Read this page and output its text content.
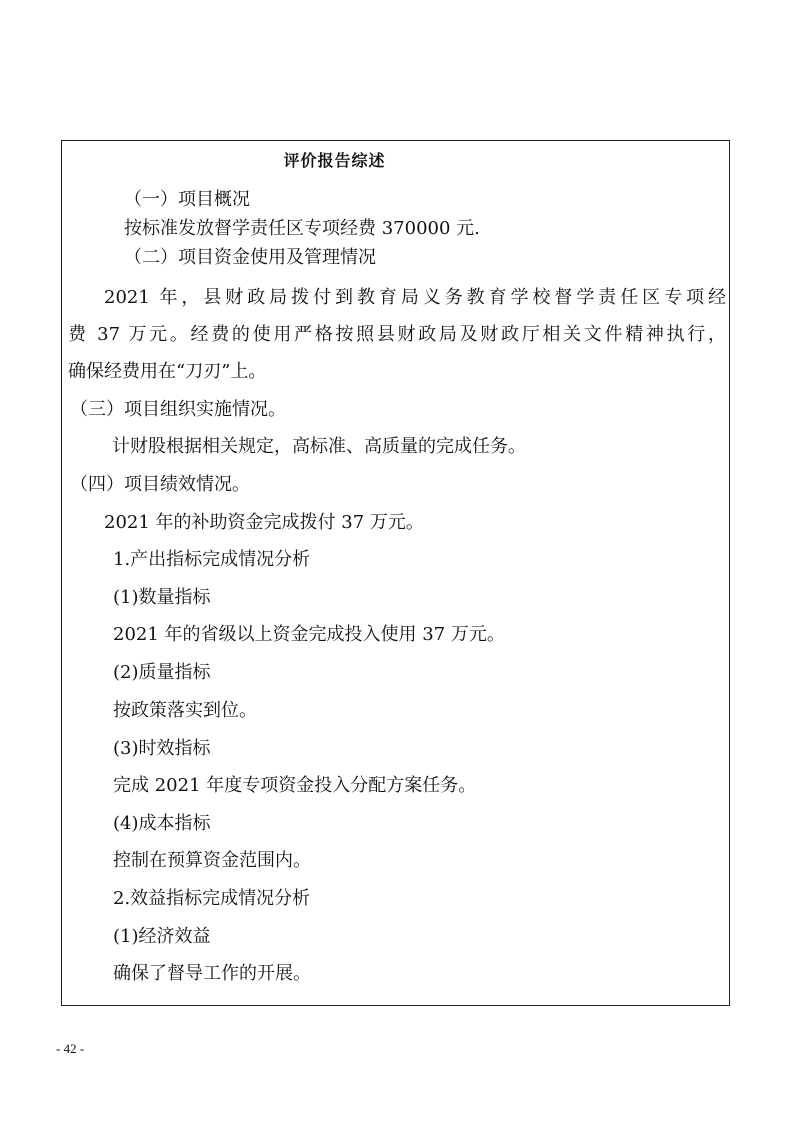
评价报告综述
（一）项目概况
按标准发放督学责任区专项经费 370000 元.
（二）项目资金使用及管理情况
2021 年，县财政局拨付到教育局义务教育学校督学责任区专项经
费 37 万元。经费的使用严格按照县财政局及财政厅相关文件精神执行，
确保经费用在“刀刃”上。
（三）项目组织实施情况。
计财股根据相关规定，高标准、高质量的完成任务。
（四）项目绩效情况。
2021 年的补助资金完成拨付 37 万元。
1.产出指标完成情况分析
(1)数量指标
2021 年的省级以上资金完成投入使用 37 万元。
(2)质量指标
按政策落实到位。
(3)时效指标
完成 2021 年度专项资金投入分配方案任务。
(4)成本指标
控制在预算资金范围内。
2.效益指标完成情况分析
(1)经济效益
确保了督导工作的开展。
- 42 -
